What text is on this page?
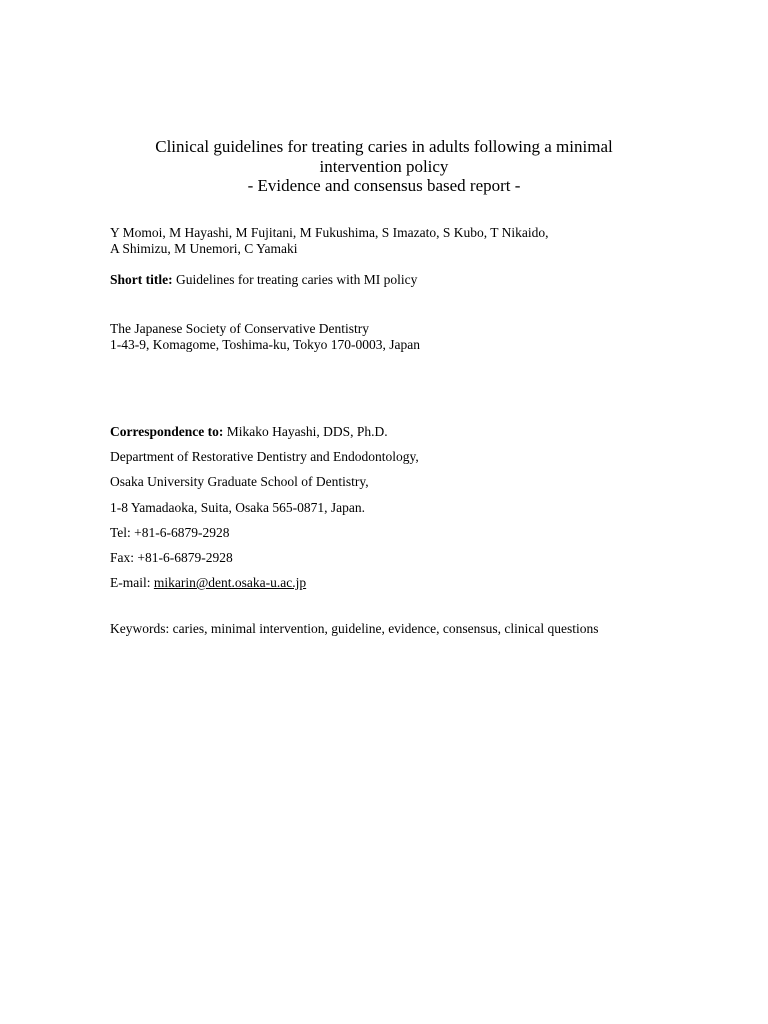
Clinical guidelines for treating caries in adults following a minimal
intervention policy
- Evidence and consensus based report -
Y Momoi, M Hayashi, M Fujitani, M Fukushima, S Imazato, S Kubo, T Nikaido,
A Shimizu, M Unemori, C Yamaki
Short title: Guidelines for treating caries with MI policy
The Japanese Society of Conservative Dentistry
1-43-9, Komagome, Toshima-ku, Tokyo 170-0003, Japan
Correspondence to: Mikako Hayashi, DDS, Ph.D.
Department of Restorative Dentistry and Endodontology,
Osaka University Graduate School of Dentistry,
1-8 Yamadaoka, Suita, Osaka 565-0871, Japan.
Tel: +81-6-6879-2928
Fax: +81-6-6879-2928
E-mail: mikarin@dent.osaka-u.ac.jp
Keywords: caries, minimal intervention, guideline, evidence, consensus, clinical questions
